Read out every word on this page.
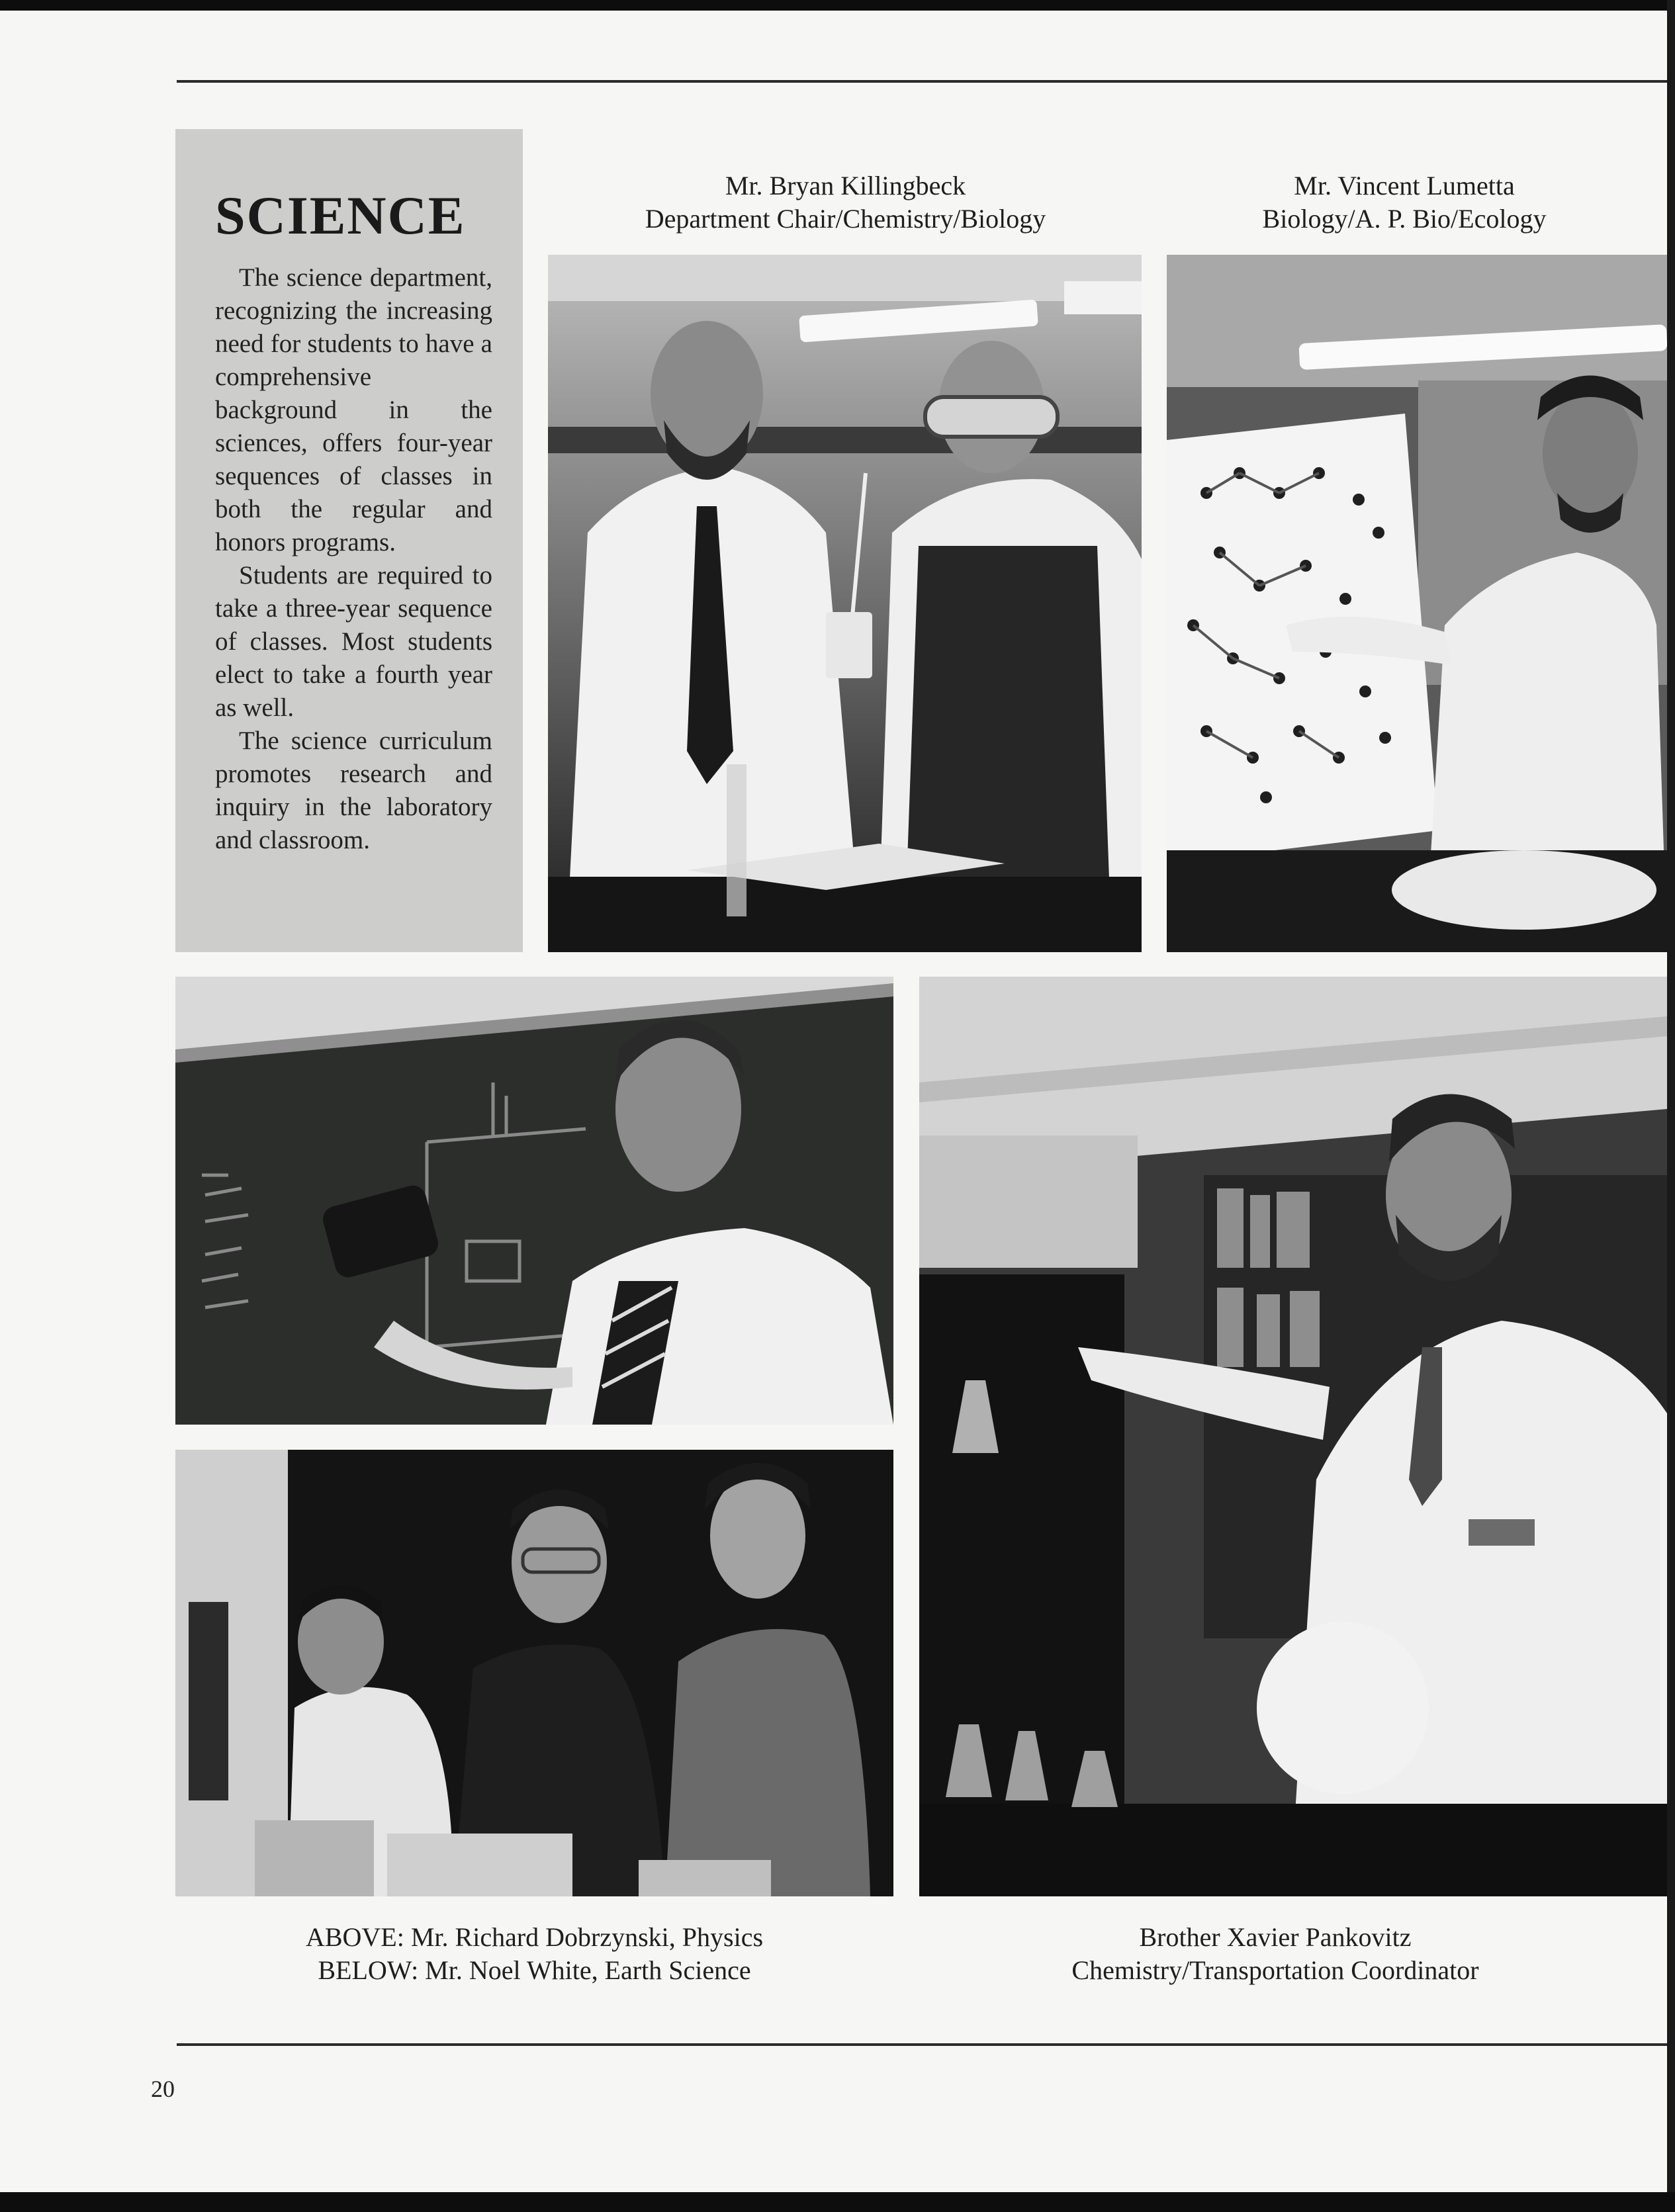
SCIENCE

The science department, recognizing the increasing need for students to have a comprehensive background in the sciences, offers four-year sequences of classes in both the regular and honors programs.

Students are required to take a three-year sequence of classes. Most students elect to take a fourth year as well.

The science curriculum promotes research and inquiry in the laboratory and classroom.

Mr. Bryan Killingbeck
Department Chair/Chemistry/Biology
Mr. Vincent Lumetta
Biology/A. P. Bio/Ecology
ABOVE: Mr. Richard Dobrzynski, Physics
BELOW: Mr. Noel White, Earth Science
Brother Xavier Pankovitz
Chemistry/Transportation Coordinator
20
